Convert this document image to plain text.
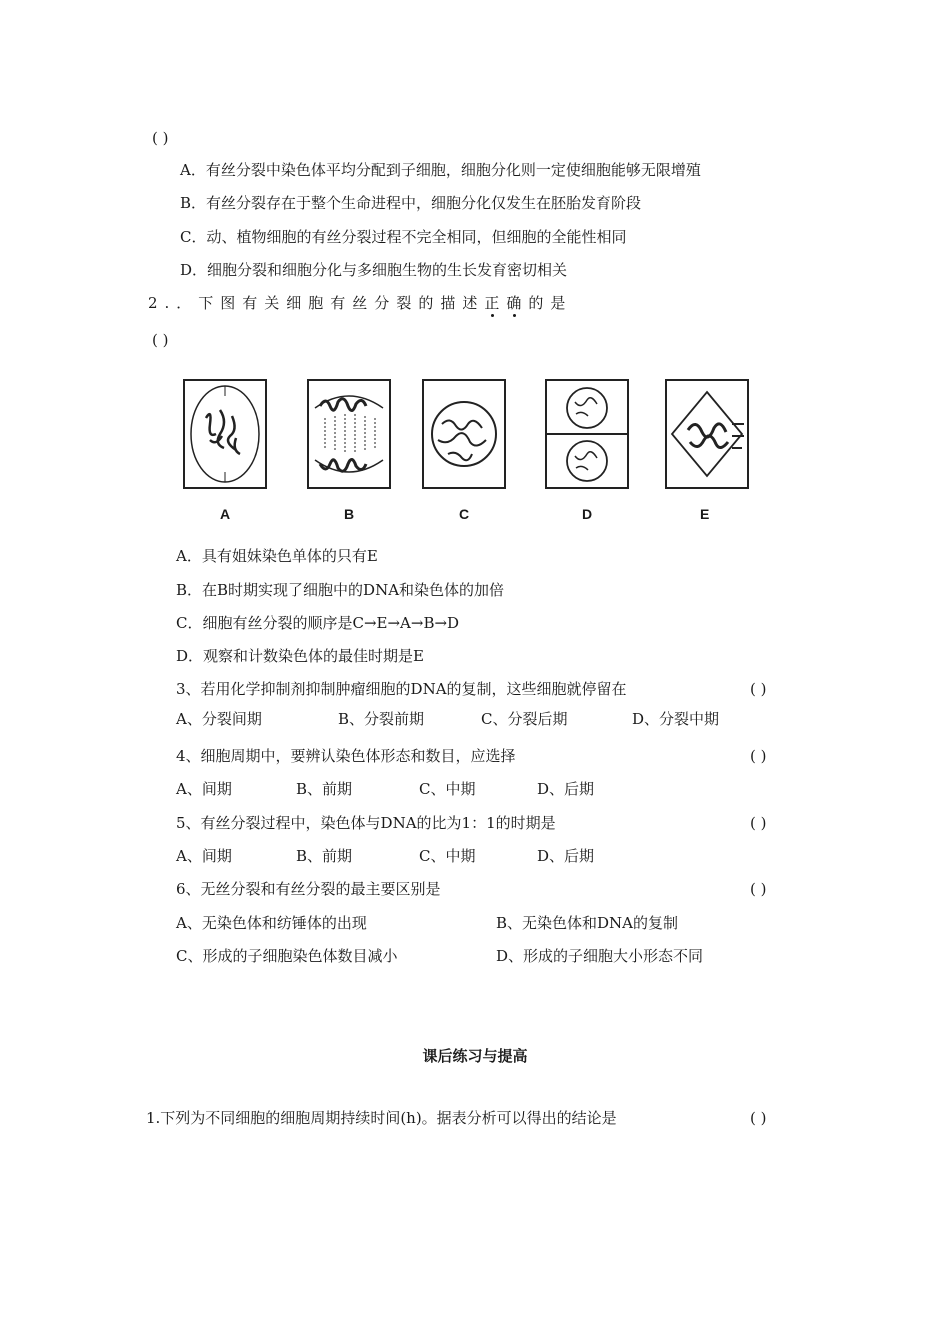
( )
A．有丝分裂中染色体平均分配到子细胞，细胞分化则一定使细胞能够无限增殖
B．有丝分裂存在于整个生命进程中，细胞分化仅发生在胚胎发育阶段
C．动、植物细胞的有丝分裂过程不完全相同，但细胞的全能性相同
D．细胞分裂和细胞分化与多细胞生物的生长发育密切相关
2.．下图有关细胞有丝分裂的描述正确的是
( )
A	B	C	D	E
A．具有姐妹染色单体的只有E
B．在B时期实现了细胞中的DNA和染色体的加倍
C．细胞有丝分裂的顺序是C→E→A→B→D
D．观察和计数染色体的最佳时期是E
3、若用化学抑制剂抑制肿瘤细胞的DNA的复制，这些细胞就停留在	( )
A、分裂间期	B、分裂前期	C、分裂后期	D、分裂中期
4、细胞周期中，要辨认染色体形态和数目，应选择	( )
A、间期	B、前期	C、中期	D、后期
5、有丝分裂过程中，染色体与DNA的比为1：1的时期是	( )
A、间期	B、前期	C、中期	D、后期
6、无丝分裂和有丝分裂的最主要区别是	( )
A、无染色体和纺锤体的出现	B、无染色体和DNA的复制
C、形成的子细胞染色体数目减小	D、形成的子细胞大小形态不同
课后练习与提高
1.下列为不同细胞的细胞周期持续时间(h)。据表分析可以得出的结论是	( )
